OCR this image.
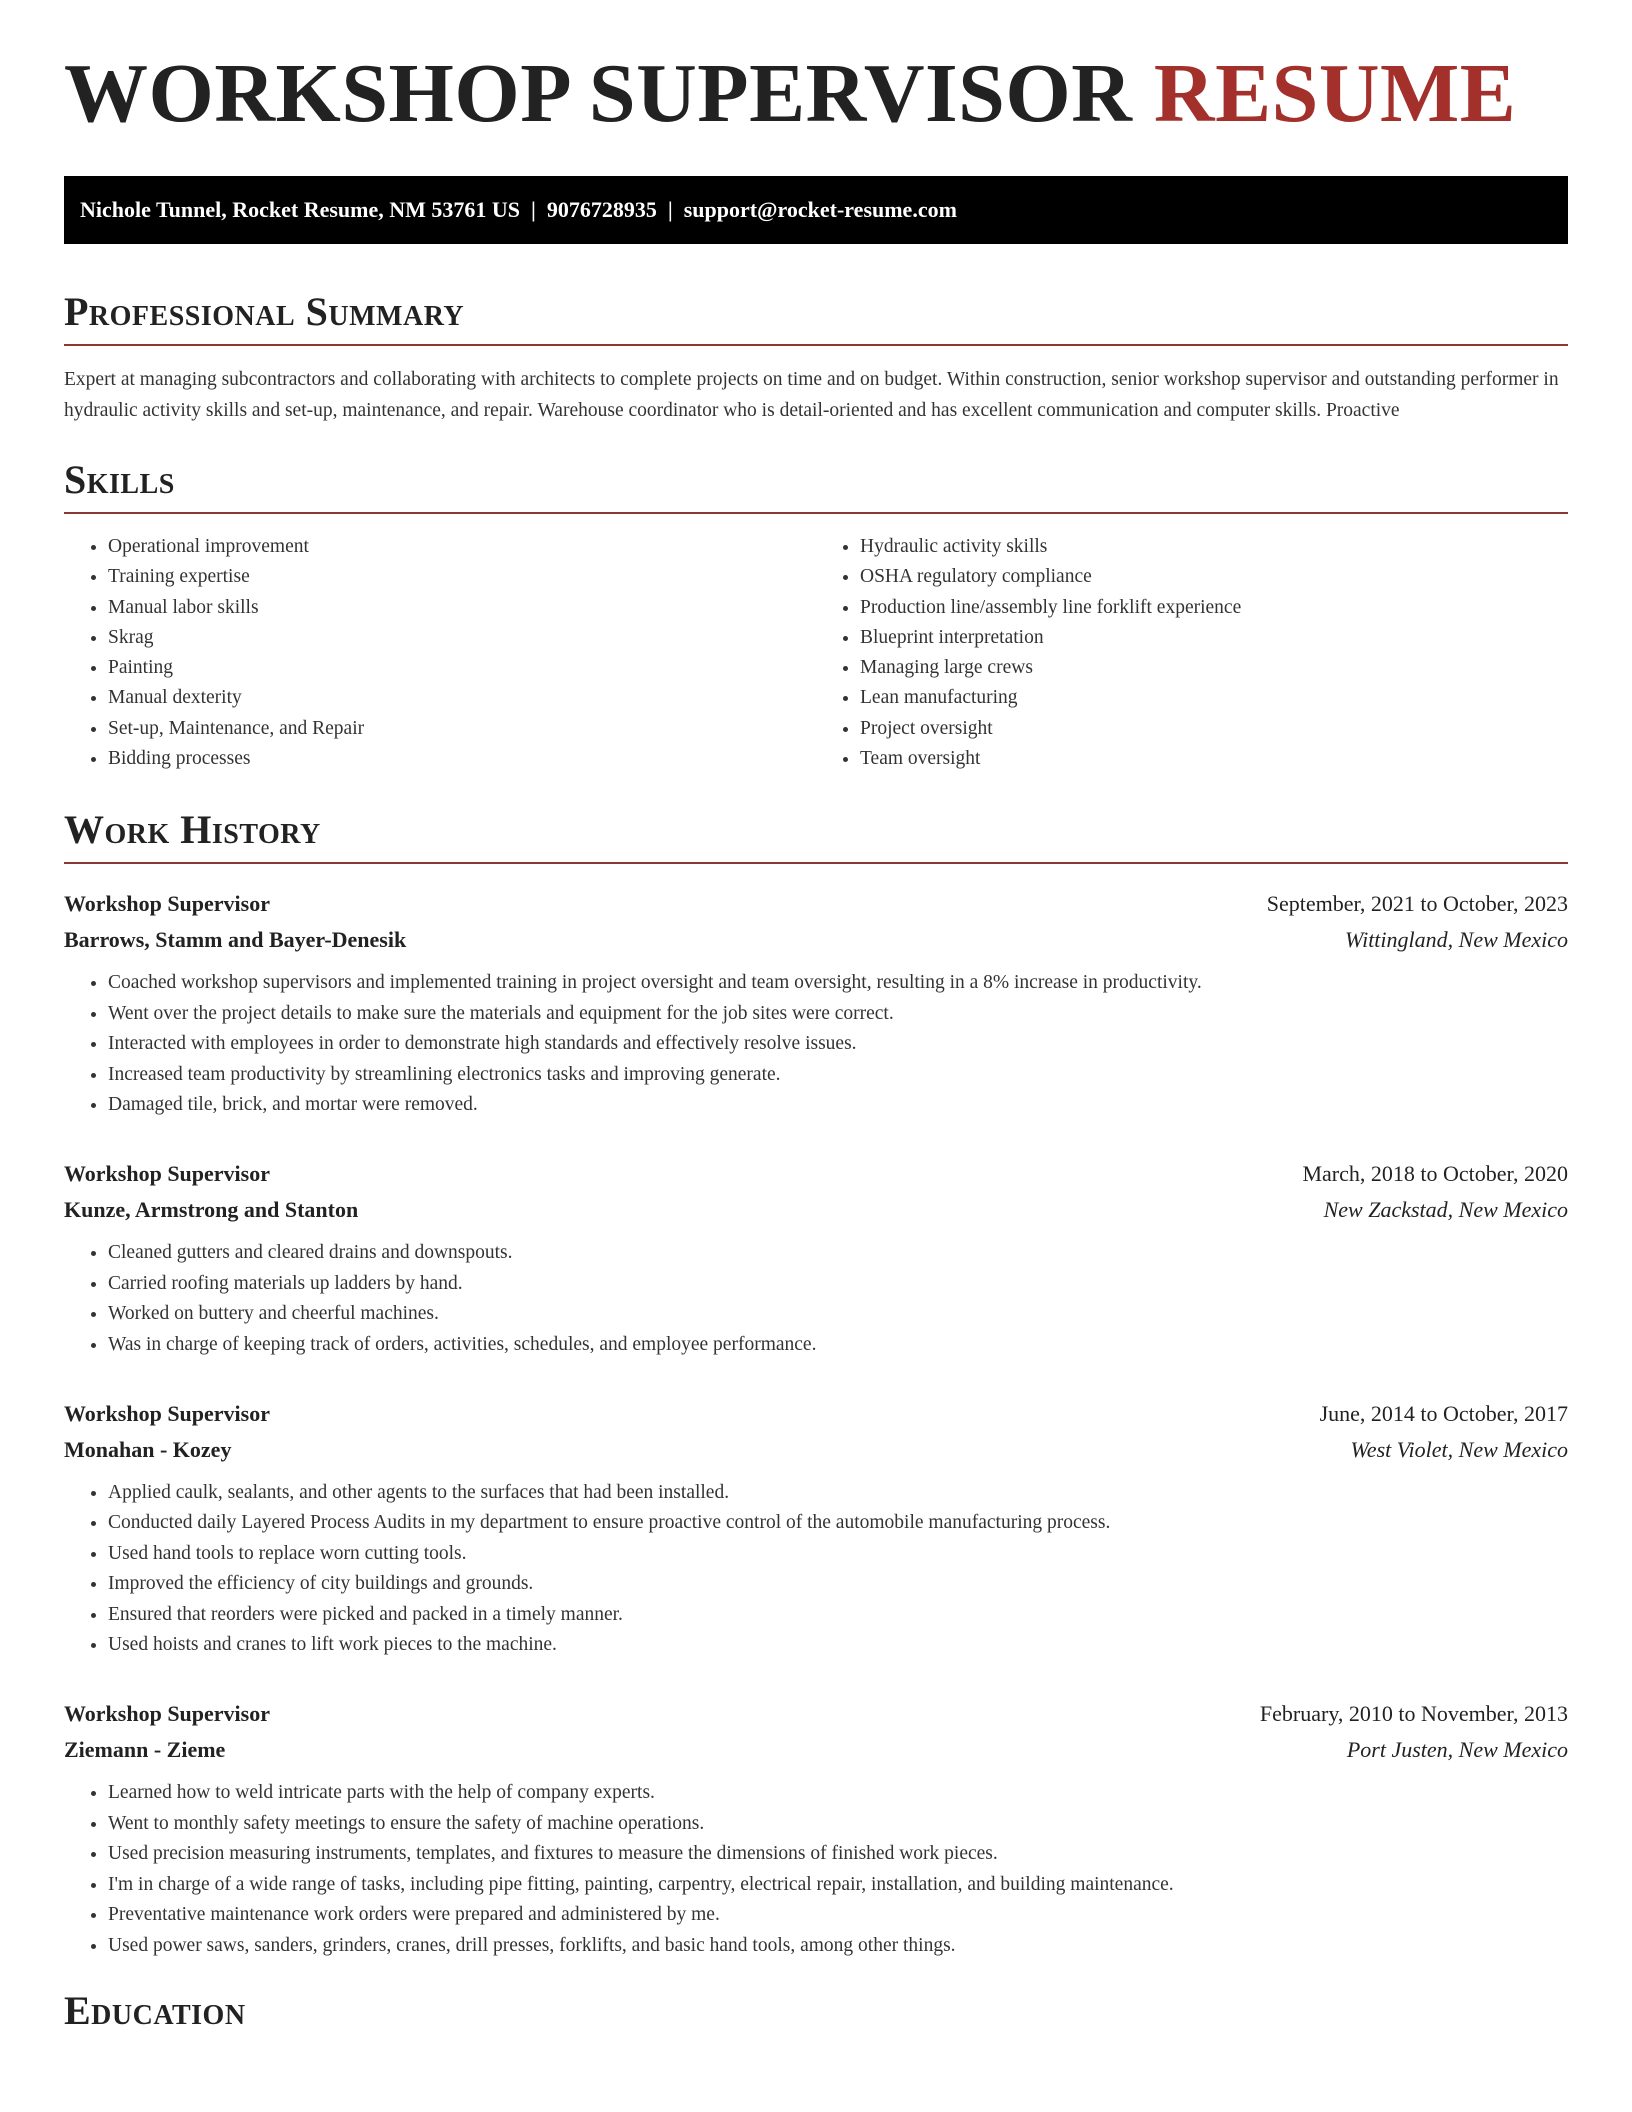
WORKSHOP SUPERVISOR RESUME
Nichole Tunnel, Rocket Resume, NM 53761 US  |  9076728935  |  support@rocket-resume.com
Professional Summary

Expert at managing subcontractors and collaborating with architects to complete projects on time and on budget. Within construction, senior workshop supervisor and outstanding performer in hydraulic activity skills and set-up, maintenance, and repair. Warehouse coordinator who is detail-oriented and has excellent communication and computer skills. Proactive

Skills
• Operational improvement
• Training expertise
• Manual labor skills
• Skrag
• Painting
• Manual dexterity
• Set-up, Maintenance, and Repair
• Bidding processes
• Hydraulic activity skills
• OSHA regulatory compliance
• Production line/assembly line forklift experience
• Blueprint interpretation
• Managing large crews
• Lean manufacturing
• Project oversight
• Team oversight
Work History
Workshop Supervisor	September, 2021 to October, 2023
Barrows, Stamm and Bayer-Denesik	Wittingland, New Mexico
• Coached workshop supervisors and implemented training in project oversight and team oversight, resulting in a 8% increase in productivity.
• Went over the project details to make sure the materials and equipment for the job sites were correct.
• Interacted with employees in order to demonstrate high standards and effectively resolve issues.
• Increased team productivity by streamlining electronics tasks and improving generate.
• Damaged tile, brick, and mortar were removed.
Workshop Supervisor	March, 2018 to October, 2020
Kunze, Armstrong and Stanton	New Zackstad, New Mexico
• Cleaned gutters and cleared drains and downspouts.
• Carried roofing materials up ladders by hand.
• Worked on buttery and cheerful machines.
• Was in charge of keeping track of orders, activities, schedules, and employee performance.
Workshop Supervisor	June, 2014 to October, 2017
Monahan - Kozey	West Violet, New Mexico
• Applied caulk, sealants, and other agents to the surfaces that had been installed.
• Conducted daily Layered Process Audits in my department to ensure proactive control of the automobile manufacturing process.
• Used hand tools to replace worn cutting tools.
• Improved the efficiency of city buildings and grounds.
• Ensured that reorders were picked and packed in a timely manner.
• Used hoists and cranes to lift work pieces to the machine.
Workshop Supervisor	February, 2010 to November, 2013
Ziemann - Zieme	Port Justen, New Mexico
• Learned how to weld intricate parts with the help of company experts.
• Went to monthly safety meetings to ensure the safety of machine operations.
• Used precision measuring instruments, templates, and fixtures to measure the dimensions of finished work pieces.
• I'm in charge of a wide range of tasks, including pipe fitting, painting, carpentry, electrical repair, installation, and building maintenance.
• Preventative maintenance work orders were prepared and administered by me.
• Used power saws, sanders, grinders, cranes, drill presses, forklifts, and basic hand tools, among other things.
Education
